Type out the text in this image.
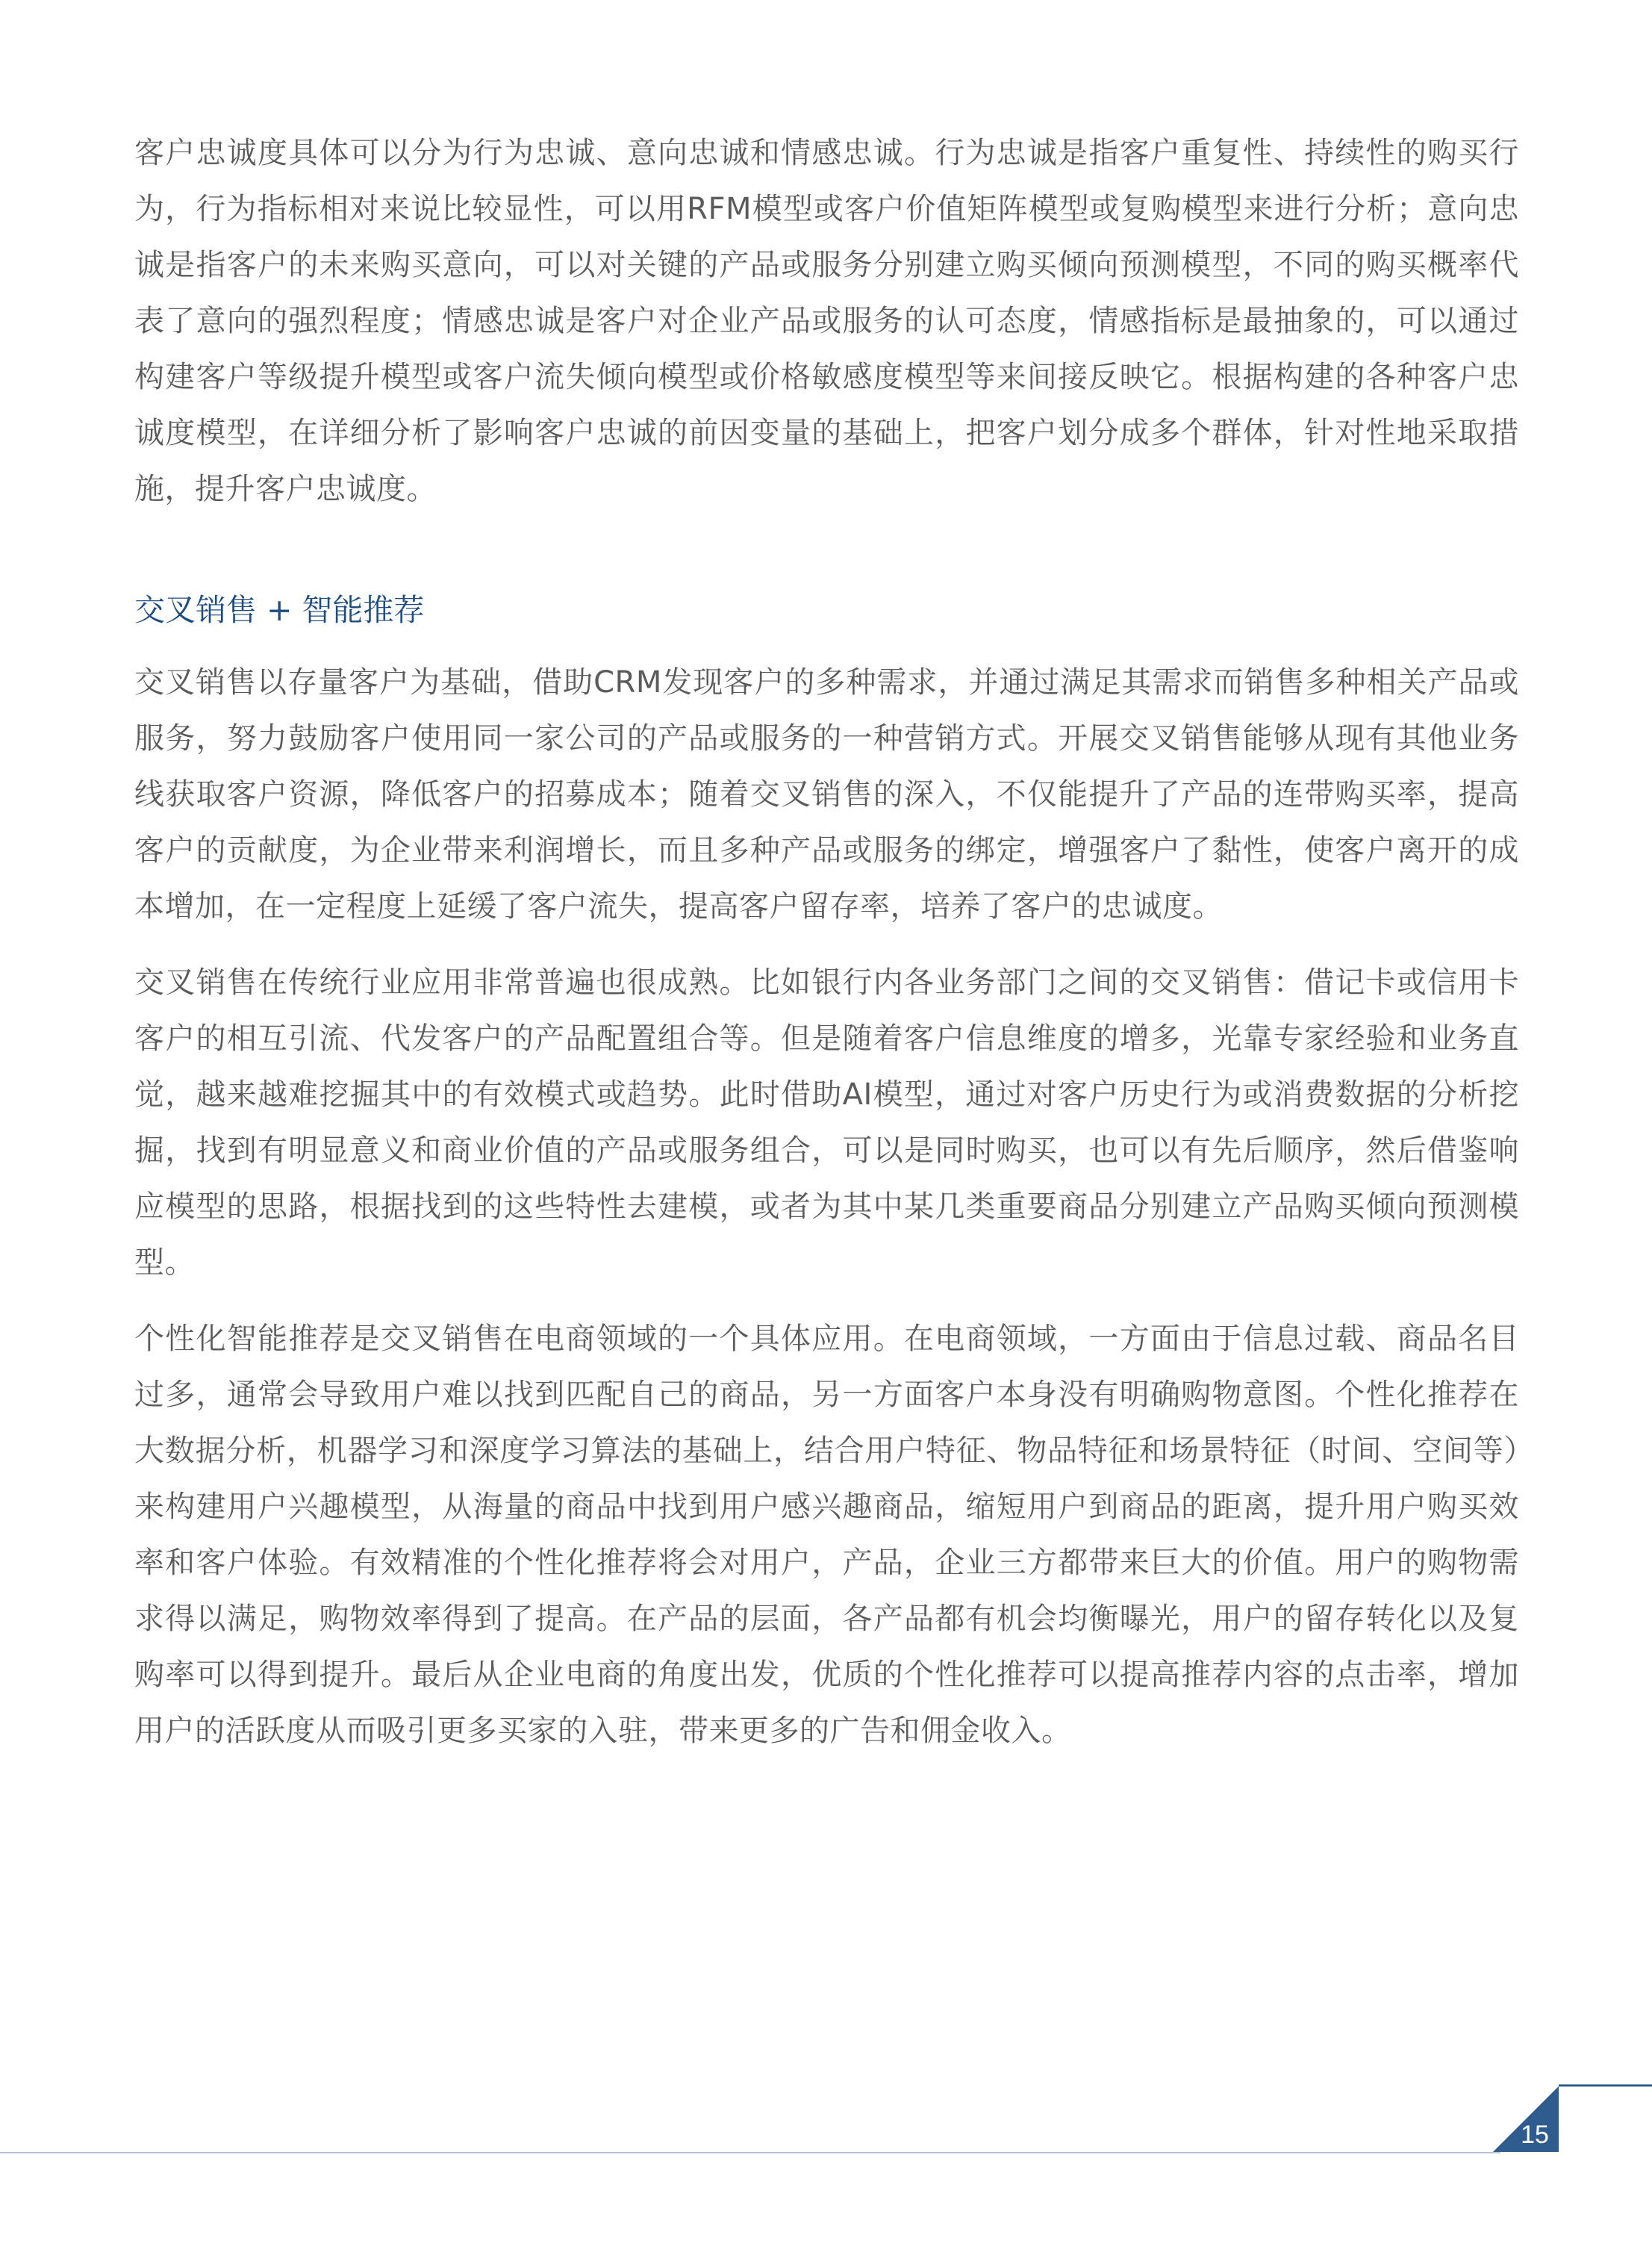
客户忠诚度具体可以分为行为忠诚、意向忠诚和情感忠诚。行为忠诚是指客户重复性、持续性的购买行为，行为指标相对来说比较显性，可以用RFM模型或客户价值矩阵模型或复购模型来进行分析；意向忠诚是指客户的未来购买意向，可以对关键的产品或服务分别建立购买倾向预测模型，不同的购买概率代表了意向的强烈程度；情感忠诚是客户对企业产品或服务的认可态度，情感指标是最抽象的，可以通过构建客户等级提升模型或客户流失倾向模型或价格敏感度模型等来间接反映它。根据构建的各种客户忠诚度模型，在详细分析了影响客户忠诚的前因变量的基础上，把客户划分成多个群体，针对性地采取措施，提升客户忠诚度。

交叉销售 + 智能推荐

交叉销售以存量客户为基础，借助CRM发现客户的多种需求，并通过满足其需求而销售多种相关产品或服务，努力鼓励客户使用同一家公司的产品或服务的一种营销方式。开展交叉销售能够从现有其他业务线获取客户资源，降低客户的招募成本；随着交叉销售的深入，不仅能提升了产品的连带购买率，提高客户的贡献度，为企业带来利润增长，而且多种产品或服务的绑定，增强客户了黏性，使客户离开的成本增加，在一定程度上延缓了客户流失，提高客户留存率，培养了客户的忠诚度。

交叉销售在传统行业应用非常普遍也很成熟。比如银行内各业务部门之间的交叉销售：借记卡或信用卡客户的相互引流、代发客户的产品配置组合等。但是随着客户信息维度的增多，光靠专家经验和业务直觉，越来越难挖掘其中的有效模式或趋势。此时借助AI模型，通过对客户历史行为或消费数据的分析挖掘，找到有明显意义和商业价值的产品或服务组合，可以是同时购买，也可以有先后顺序，然后借鉴响应模型的思路，根据找到的这些特性去建模，或者为其中某几类重要商品分别建立产品购买倾向预测模型。

个性化智能推荐是交叉销售在电商领域的一个具体应用。在电商领域，一方面由于信息过载、商品名目过多，通常会导致用户难以找到匹配自己的商品，另一方面客户本身没有明确购物意图。个性化推荐在大数据分析，机器学习和深度学习算法的基础上，结合用户特征、物品特征和场景特征（时间、空间等）来构建用户兴趣模型，从海量的商品中找到用户感兴趣商品，缩短用户到商品的距离，提升用户购买效率和客户体验。有效精准的个性化推荐将会对用户，产品，企业三方都带来巨大的价值。用户的购物需求得以满足，购物效率得到了提高。在产品的层面，各产品都有机会均衡曝光，用户的留存转化以及复购率可以得到提升。最后从企业电商的角度出发，优质的个性化推荐可以提高推荐内容的点击率，增加用户的活跃度从而吸引更多买家的入驻，带来更多的广告和佣金收入。

15
